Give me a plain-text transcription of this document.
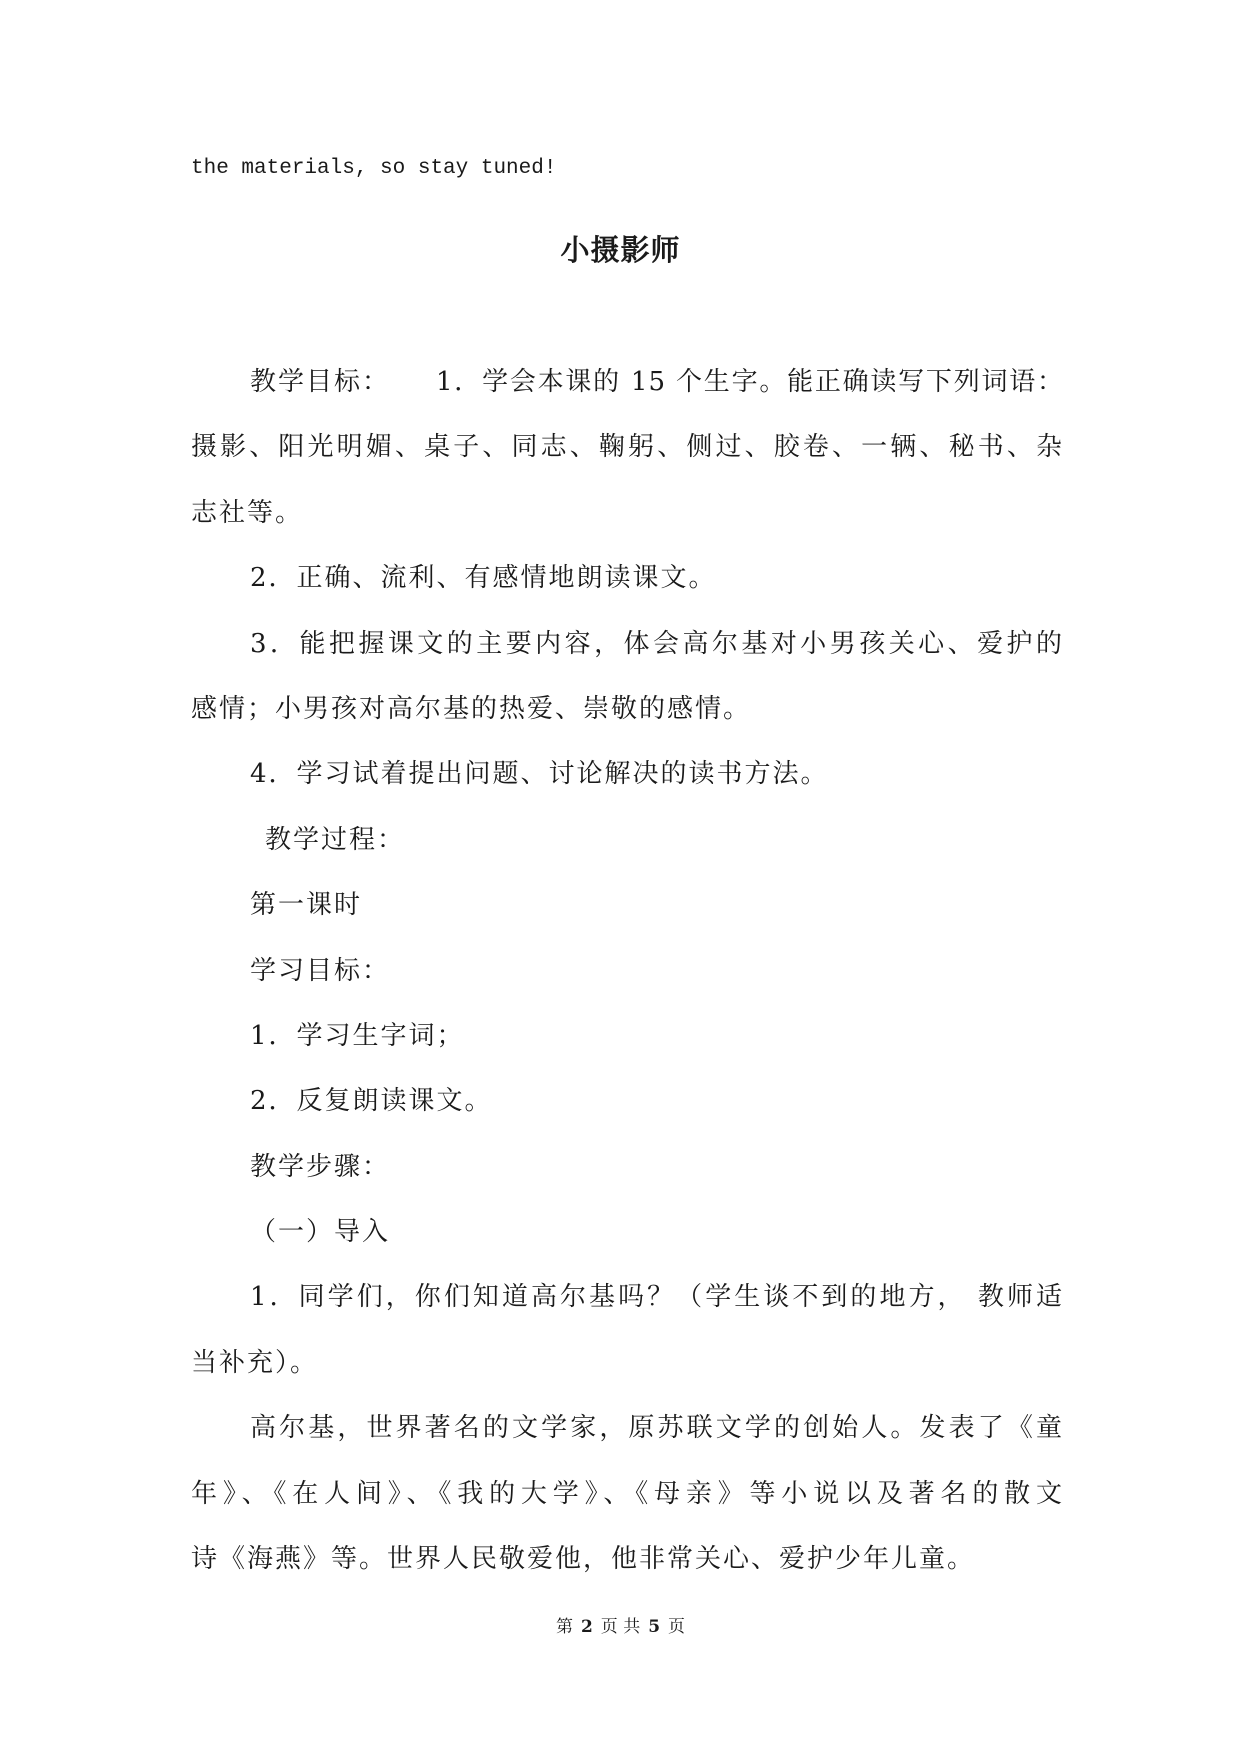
the materials, so stay tuned!
小摄影师
教学目标： 1．学会本课的 15 个生字。能正确读写下列词语：
摄影、阳光明媚、桌子、同志、鞠躬、侧过、胶卷、一辆、秘书、杂
志社等。
2．正确、流利、有感情地朗读课文。
3．能把握课文的主要内容，体会高尔基对小男孩关心、爱护的
感情；小男孩对高尔基的热爱、崇敬的感情。
4．学习试着提出问题、讨论解决的读书方法。
教学过程：
第一课时
学习目标：
1．学习生字词；
2．反复朗读课文。
教学步骤：
（一）导入
1．同学们，你们知道高尔基吗？（学生谈不到的地方， 教师适
当补充）。
高尔基，世界著名的文学家，原苏联文学的创始人。发表了《童
年》、《在人间》、《我的大学》、《母亲》等小说以及著名的散文
诗《海燕》等。世界人民敬爱他，他非常关心、爱护少年儿童。
第 2 页 共 5 页
